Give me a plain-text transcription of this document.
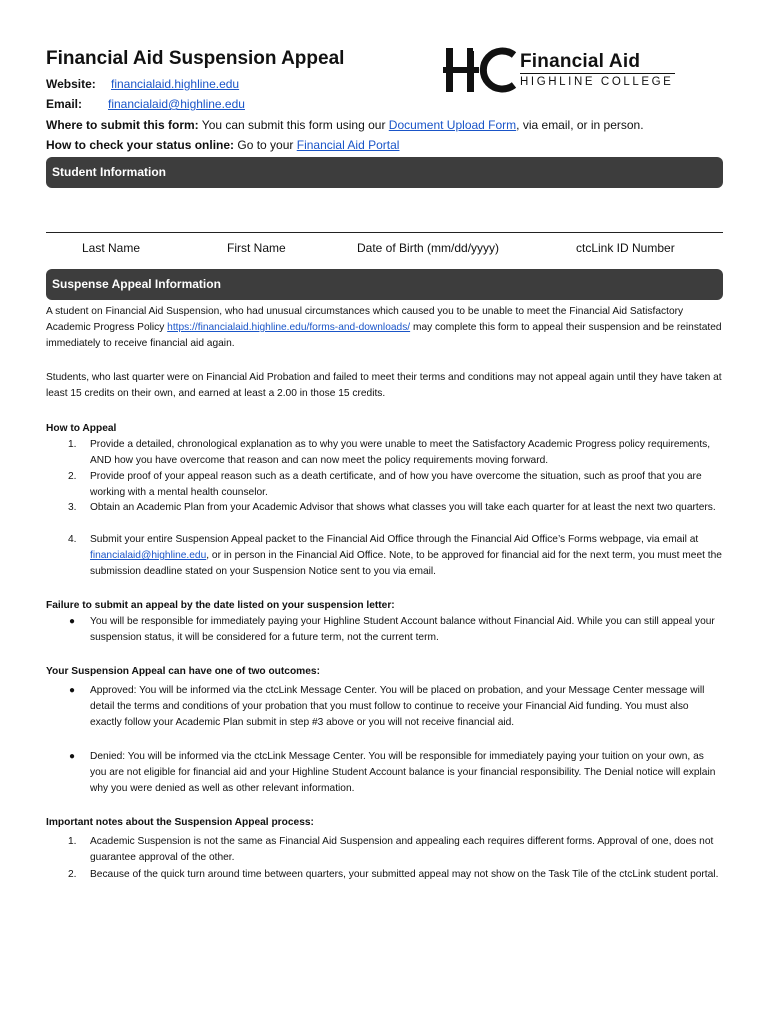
Financial Aid Suspension Appeal	Financial Aid
HIGHLINE COLLEGE
Website: financialaid.highline.edu
Email: financialaid@highline.edu
Where to submit this form: You can submit this form using our Document Upload Form, via email, or in person.
How to check your status online: Go to your Financial Aid Portal
Student Information
Last Name	First Name	Date of Birth (mm/dd/yyyy)	ctcLink ID Number
Suspense Appeal Information

A student on Financial Aid Suspension, who had unusual circumstances which caused you to be unable to meet the Financial Aid Satisfactory Academic Progress Policy https://financialaid.highline.edu/forms-and-downloads/ may complete this form to appeal their suspension and be reinstated immediately to receive financial aid again.

Students, who last quarter were on Financial Aid Probation and failed to meet their terms and conditions may not appeal again until they have taken at least 15 credits on their own, and earned at least a 2.00 in those 15 credits.

How to Appeal
1. Provide a detailed, chronological explanation as to why you were unable to meet the Satisfactory Academic Progress policy requirements, AND how you have overcome that reason and can now meet the policy requirements moving forward.
2. Provide proof of your appeal reason such as a death certificate, and of how you have overcome the situation, such as proof that you are working with a mental health counselor.
3. Obtain an Academic Plan from your Academic Advisor that shows what classes you will take each quarter for at least the next two quarters.
4. Submit your entire Suspension Appeal packet to the Financial Aid Office through the Financial Aid Office’s Forms webpage, via email at financialaid@highline.edu, or in person in the Financial Aid Office. Note, to be approved for financial aid for the next term, you must meet the submission deadline stated on your Suspension Notice sent to you via email.
Failure to submit an appeal by the date listed on your suspension letter:
● You will be responsible for immediately paying your Highline Student Account balance without Financial Aid. While you can still appeal your suspension status, it will be considered for a future term, not the current term.
Your Suspension Appeal can have one of two outcomes:
● Approved: You will be informed via the ctcLink Message Center. You will be placed on probation, and your Message Center message will detail the terms and conditions of your probation that you must follow to continue to receive your Financial Aid funding. You must also exactly follow your Academic Plan submit in step #3 above or you will not receive financial aid.
● Denied: You will be informed via the ctcLink Message Center. You will be responsible for immediately paying your tuition on your own, as you are not eligible for financial aid and your Highline Student Account balance is your financial responsibility. The Denial notice will explain why you were denied as well as other relevant information.
Important notes about the Suspension Appeal process:
1. Academic Suspension is not the same as Financial Aid Suspension and appealing each requires different forms. Approval of one, does not guarantee approval of the other.
2. Because of the quick turn around time between quarters, your submitted appeal may not show on the Task Tile of the ctcLink student portal.
